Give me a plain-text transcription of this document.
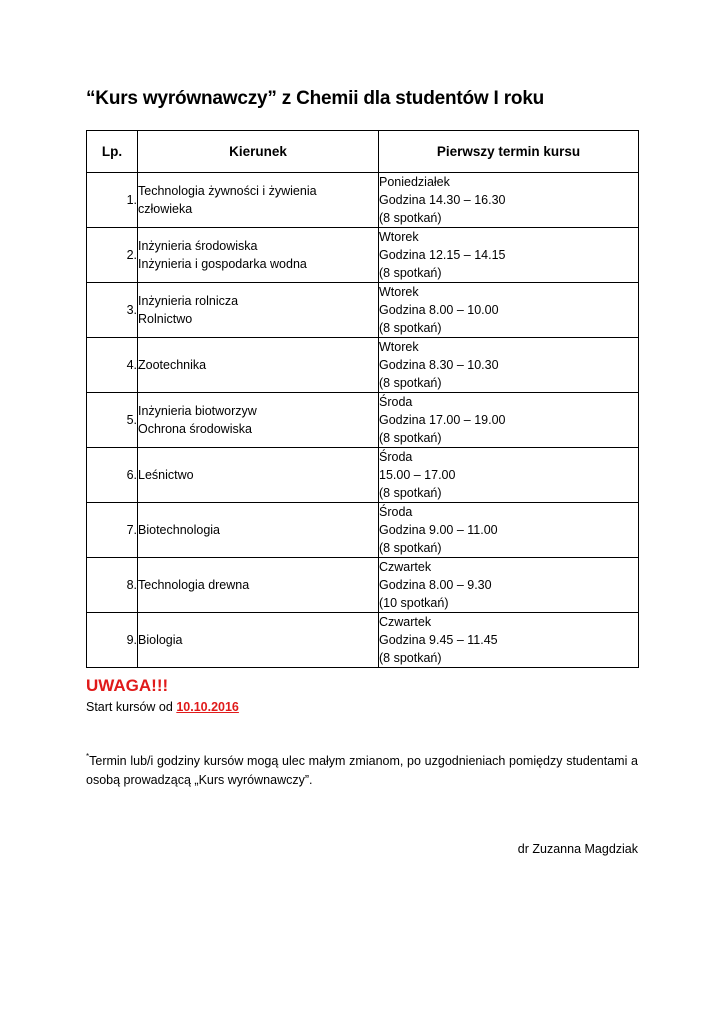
“Kurs wyrównawczy” z Chemii dla studentów I roku
Lp.	Kierunek	Pierwszy termin kursu
1.	Technologia żywności i żywienia
człowieka	Poniedziałek
Godzina 14.30 – 16.30
(8 spotkań)

2.	Inżynieria środowiska
Inżynieria i gospodarka wodna	Wtorek
Godzina 12.15 – 14.15
(8 spotkań)

3.	Inżynieria rolnicza
Rolnictwo	Wtorek
Godzina 8.00 – 10.00
(8 spotkań)

4.	Zootechnika	Wtorek
Godzina 8.30 – 10.30
(8 spotkań)

5.	Inżynieria biotworzyw
Ochrona środowiska	Środa
Godzina 17.00 – 19.00
(8 spotkań)

6.	Leśnictwo	Środa
15.00 – 17.00
(8 spotkań)

7.	Biotechnologia	Środa
Godzina 9.00 – 11.00
(8 spotkań)

8.	Technologia drewna	Czwartek
Godzina 8.00 – 9.30
(10 spotkań)

9.	Biologia	Czwartek
Godzina 9.45 – 11.45
(8 spotkań)
UWAGA!!!
Start kursów od 10.10.2016
*Termin lub/i godziny kursów mogą ulec małym zmianom, po uzgodnieniach pomiędzy studentami a osobą prowadzącą „Kurs wyrównawczy”.
dr Zuzanna Magdziak
